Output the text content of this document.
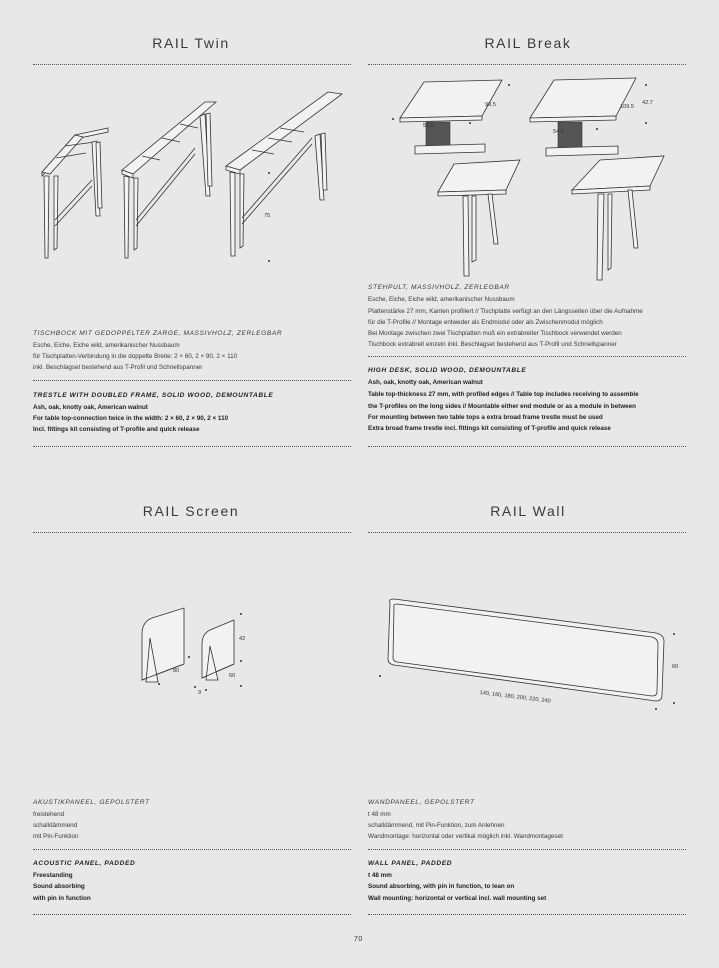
RAIL Twin	RAIL Break
RAIL Screen	RAIL Wall
75
99.5
54.5
109.5
42.7
54.5
TISCHBOCK MIT GEDOPPELTER ZARGE, MASSIVHOLZ, ZERLEGBAR
Esche, Eiche, Eiche wild, amerikanischer Nussbaum
für Tischplatten-Verbindung in die doppelte Breite: 2 × 60, 2 × 90, 2 × 110
inkl. Beschlagset bestehend aus T-Profil und Schnellspanner
TRESTLE WITH DOUBLED FRAME, SOLID WOOD, DEMOUNTABLE
Ash, oak, knotty oak, American walnut
For table top-connection twice in the width: 2 × 60, 2 × 90, 2 × 110
Incl. fittings kit consisting of T-profile and quick release
STEHPULT, MASSIVHOLZ, ZERLEGBAR
Esche, Eiche, Eiche wild, amerikanischer Nussbaum
Plattenstärke 27 mm, Kanten profiliert // Tischplatte verfügt an den Längsseiten über die Aufnahme
für die T-Profile // Montage entweder als Endmodul oder als Zwischenmodul möglich
Bei Montage zwischen zwei Tischplatten muß ein extrabreiter Tischbock verwendet werden
Tischbock extrabreit einzeln inkl. Beschlagset bestehend aus T-Profil und Schnellspanner
HIGH DESK, SOLID WOOD, DEMOUNTABLE
Ash, oak, knotty oak, American walnut
Table top-thickness 27 mm, with profiled edges // Table top includes receiving to assemble
the T-profiles on the long sides // Mountable either end module or as a module in between
For mounting between two table tops a extra broad frame trestle must be used
Extra broad frame trestle incl. fittings kit consisting of T-profile and quick release
42
80
60
9
60
140, 160, 180, 200, 220, 240
AKUSTIKPANEEL, GEPOLSTERT
freistehend
schalldämmend
mit Pin-Funktion
ACOUSTIC PANEL, PADDED
Freestanding
Sound absorbing
with pin in function
WANDPANEEL, GEPOLSTERT
t 48 mm
schalldämmend, mit Pin-Funktion, zum Anlehnen
Wandmontage: horizontal oder vertikal möglich inkl. Wandmontageset
WALL PANEL, PADDED
t 48 mm
Sound absorbing, with pin in function, to lean on
Wall mounting: horizontal or vertical incl. wall mounting set
70
